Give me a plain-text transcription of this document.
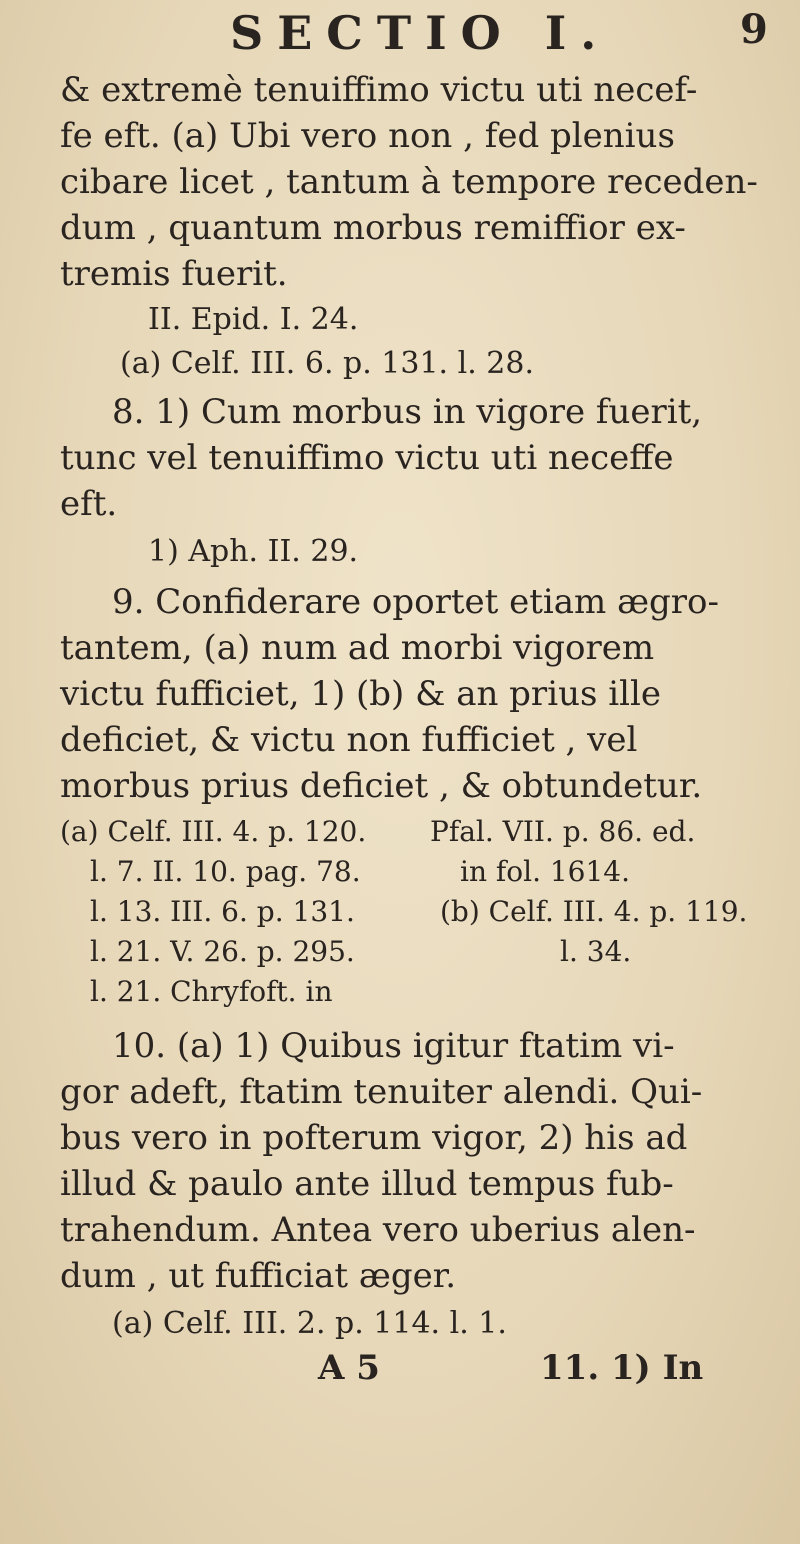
SECTIO I.	9
& extremè tenuiffimo victu uti necef-
fe eft. (a) Ubi vero non , fed plenius
cibare licet , tantum à tempore receden-
dum , quantum morbus remiffior ex-
tremis fuerit.
II. Epid. I. 24.
(a) Celf. III. 6. p. 131. l. 28.
8. 1) Cum morbus in vigore fuerit,
tunc vel tenuiffimo victu uti neceffe
eft.
1) Aph. II. 29.
9. Confiderare oportet etiam ægro-
tantem, (a) num ad morbi vigorem
victu fufficiet, 1) (b) & an prius ille
deficiet, & victu non fufficiet , vel
morbus prius deficiet , & obtundetur.
(a) Celf. III. 4. p. 120.
l. 7. II. 10. pag. 78.
l. 13. III. 6. p. 131.
l. 21. V. 26. p. 295.
l. 21. Chryfoft. in
Pfal. VII. p. 86. ed.
in fol. 1614.
(b) Celf. III. 4. p. 119.
l. 34.
10. (a) 1) Quibus igitur ftatim vi-
gor adeft, ftatim tenuiter alendi. Qui-
bus vero in pofterum vigor, 2) his ad
illud & paulo ante illud tempus fub-
trahendum. Antea vero uberius alen-
dum , ut fufficiat æger.
(a) Celf. III. 2. p. 114. l. 1.
A 5	11. 1) In
